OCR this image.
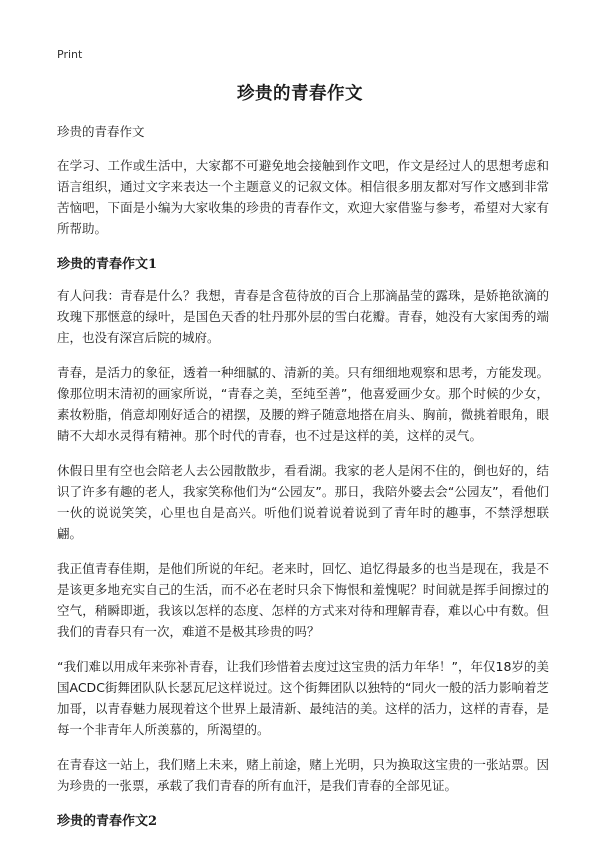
Print
珍贵的青春作文
珍贵的青春作文

在学习、工作或生活中，大家都不可避免地会接触到作文吧，作文是经过人的思想考虑和语言组织，通过文字来表达一个主题意义的记叙文体。相信很多朋友都对写作文感到非常苦恼吧，下面是小编为大家收集的珍贵的青春作文，欢迎大家借鉴与参考，希望对大家有所帮助。

珍贵的青春作文1

有人问我：青春是什么？我想，青春是含苞待放的百合上那滴晶莹的露珠，是娇艳欲滴的玫瑰下那惬意的绿叶，是国色天香的牡丹那外层的雪白花瓣。青春，她没有大家闺秀的端庄，也没有深宫后院的城府。

青春，是活力的象征，透着一种细腻的、清新的美。只有细细地观察和思考，方能发现。像那位明末清初的画家所说，“青春之美，至纯至善”，他喜爱画少女。那个时候的少女，素妆粉脂，俏意却刚好适合的裙摆，及腰的辫子随意地搭在肩头、胸前，微挑着眼角，眼睛不大却水灵得有精神。那个时代的青春，也不过是这样的美，这样的灵气。

休假日里有空也会陪老人去公园散散步，看看湖。我家的老人是闲不住的，倒也好的，结识了许多有趣的老人，我家笑称他们为“公园友”。那日，我陪外婆去会“公园友”，看他们一伙的说说笑笑，心里也自是高兴。听他们说着说着说到了青年时的趣事，不禁浮想联翩。

我正值青春佳期，是他们所说的年纪。老来时，回忆、追忆得最多的也当是现在，我是不是该更多地充实自己的生活，而不必在老时只余下悔恨和羞愧呢？时间就是挥手间擦过的空气，稍瞬即逝，我该以怎样的态度、怎样的方式来对待和理解青春，难以心中有数。但我们的青春只有一次，难道不是极其珍贵的吗？

“我们难以用成年来弥补青春，让我们珍惜着去度过这宝贵的活力年华！”，年仅18岁的美国ACDC街舞团队队长瑟瓦尼这样说过。这个街舞团队以独特的“同火一般的活力影响着芝加哥，以青春魅力展现着这个世界上最清新、最纯洁的美。这样的活力，这样的青春，是每一个非青年人所羡慕的，所渴望的。

在青春这一站上，我们赌上未来，赌上前途，赌上光明，只为换取这宝贵的一张站票。因为珍贵的一张票，承载了我们青春的所有血汗，是我们青春的全部见证。

珍贵的青春作文2
